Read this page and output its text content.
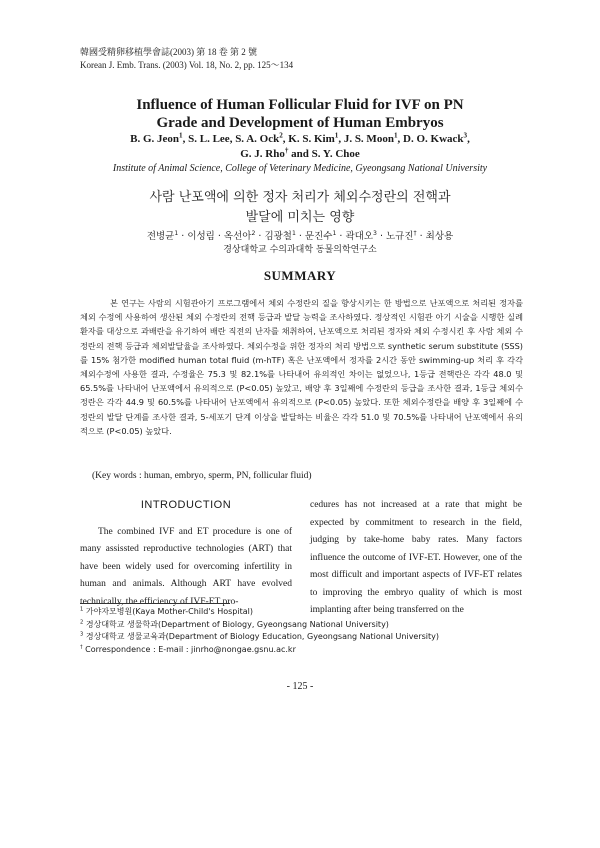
韓國受精卵移植學會誌(2003) 第 18 卷 第 2 號
Korean J. Emb. Trans. (2003) Vol. 18, No. 2, pp. 125～134
Influence of Human Follicular Fluid for IVF on PN
Grade and Development of Human Embryos
B. G. Jeon$^1$, S. L. Lee, S. A. Ock$^2$, K. S. Kim$^1$, J. S. Moon$^1$, D. O. Kwack$^3$,
G. J. Rho† and S. Y. Choe
Institute of Animal Science, College of Veterinary Medicine, Gyeongsang National University
사람 난포액에 의한 정자 처리가 체외수정란의 전핵과
발달에 미치는 영향
전병균$^1$ · 이성림 · 옥선아$^2$ · 김광철$^1$ · 문진수$^1$ · 곽대오$^3$ · 노규진† · 최상용
경상대학교 수의과대학 동물의학연구소
SUMMARY

본 연구는 사람의 시험관아기 프로그램에서 체외 수정란의 질을 향상시키는 한 방법으로 난포액으로 처리된 정자를 체외 수정에 사용하여 생산된 체외 수정란의 전핵 등급과 발달 능력을 조사하였다. 정상적인 시험관 아기 시술을 시행한 실례 환자를 대상으로 과배란을 유기하여 배란 직전의 난자를 채취하여, 난포액으로 처리된 정자와 체외 수정시킨 후 사람 체외 수정란의 전핵 등급과 체외발달율을 조사하였다. 체외수정을 위한 정자의 처리 방법으로 synthetic serum substitute (SSS)를 15% 첨가한 modified human total fluid (m-hTF) 혹은 난포액에서 정자를 2시간 동안 swimming-up 처리 후 각각 체외수정에 사용한 결과, 수정율은 75.3 및 82.1%를 나타내어 유의적인 차이는 없었으나, 1등급 전핵란은 각각 48.0 및 65.5%를 나타내어 난포액에서 유의적으로 (P<0.05) 높았고, 배양 후 3일째에 수정란의 등급을 조사한 결과, 1등급 체외수정란은 각각 44.9 및 60.5%를 나타내어 난포액에서 유의적으로 (P<0.05) 높았다. 또한 체외수정란을 배양 후 3일째에 수정란의 발달 단계를 조사한 결과, 5-세포기 단계 이상을 발달하는 비율은 각각 51.0 및 70.5%를 나타내어 난포액에서 유의적으로 (P<0.05) 높았다.

(Key words : human, embryo, sperm, PN, follicular fluid)

INTRODUCTION

The combined IVF and ET procedure is one of many assissted reproductive technologies (ART) that have been widely used for overcoming infertility in human and animals. Although ART have evolved technically, the efficiency of IVF-ET pro-

cedures has not increased at a rate that might be expected by commitment to research in the field, judging by take-home baby rates. Many factors influence the outcome of IVF-ET. However, one of the most difficult and important aspects of IVF-ET relates to improving the embryo quality of which is most implanting after being transferred on the

$^1$ 가야자모병원(Kaya Mother-Child's Hospital)
$^2$ 경상대학교 생물학과(Department of Biology, Gyeongsang National University)
$^3$ 경상대학교 생물교육과(Department of Biology Education, Gyeongsang National University)
† Correspondence : E-mail : jinrho@nongae.gsnu.ac.kr
- 125 -
